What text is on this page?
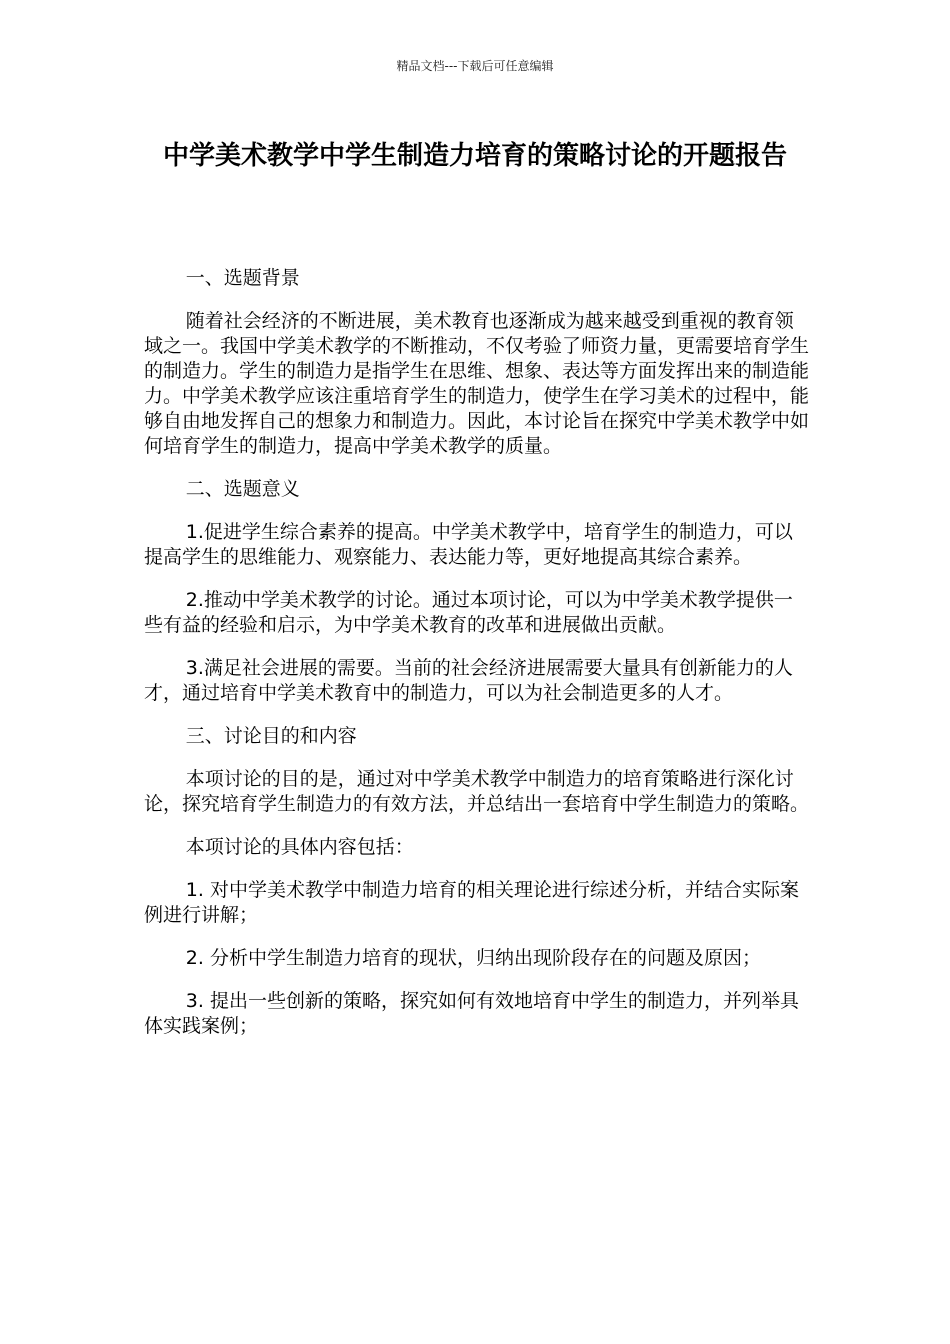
精品文档---下载后可任意编辑
中学美术教学中学生制造力培育的策略讨论的开题报告

一、选题背景

随着社会经济的不断进展，美术教育也逐渐成为越来越受到重视的教育领域之一。我国中学美术教学的不断推动，不仅考验了师资力量，更需要培育学生的制造力。学生的制造力是指学生在思维、想象、表达等方面发挥出来的制造能力。中学美术教学应该注重培育学生的制造力，使学生在学习美术的过程中，能够自由地发挥自己的想象力和制造力。因此，本讨论旨在探究中学美术教学中如何培育学生的制造力，提高中学美术教学的质量。

二、选题意义

1.促进学生综合素养的提高。中学美术教学中，培育学生的制造力，可以提高学生的思维能力、观察能力、表达能力等，更好地提高其综合素养。

2.推动中学美术教学的讨论。通过本项讨论，可以为中学美术教学提供一些有益的经验和启示，为中学美术教育的改革和进展做出贡献。

3.满足社会进展的需要。当前的社会经济进展需要大量具有创新能力的人才，通过培育中学美术教育中的制造力，可以为社会制造更多的人才。

三、讨论目的和内容

本项讨论的目的是，通过对中学美术教学中制造力的培育策略进行深化讨论，探究培育学生制造力的有效方法，并总结出一套培育中学生制造力的策略。

本项讨论的具体内容包括：

1. 对中学美术教学中制造力培育的相关理论进行综述分析，并结合实际案例进行讲解；

2. 分析中学生制造力培育的现状，归纳出现阶段存在的问题及原因；

3. 提出一些创新的策略，探究如何有效地培育中学生的制造力，并列举具体实践案例；
